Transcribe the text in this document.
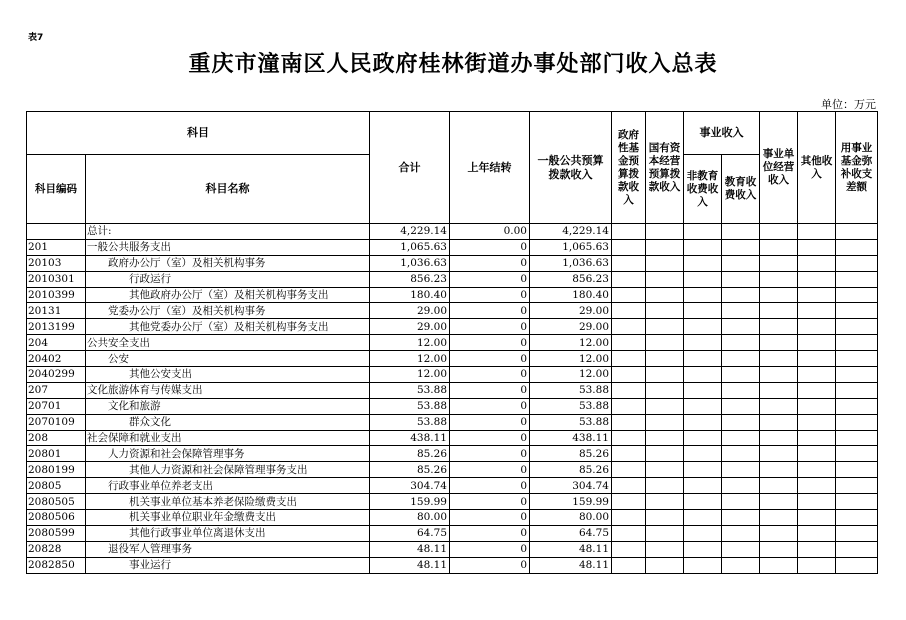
表7
重庆市潼南区人民政府桂林街道办事处部门收入总表
单位：万元
科目		合计	上年结转	一般公共预算拨款收入	政府性基金预算拨款收入	国有资本经营预算拨款收入	事业收入		事业单位经营收入	其他收入	用事业基金弥补收支差额
科目编码	科目名称						非教育收费收入	教育收费收入			
	总计:	4,229.14	0.00	4,229.14							
201	一般公共服务支出	1,065.63	0	1,065.63							
20103	政府办公厅（室）及相关机构事务	1,036.63	0	1,036.63							
2010301	行政运行	856.23	0	856.23							
2010399	其他政府办公厅（室）及相关机构事务支出	180.40	0	180.40							
20131	党委办公厅（室）及相关机构事务	29.00	0	29.00							
2013199	其他党委办公厅（室）及相关机构事务支出	29.00	0	29.00							
204	公共安全支出	12.00	0	12.00							
20402	公安	12.00	0	12.00							
2040299	其他公安支出	12.00	0	12.00							
207	文化旅游体育与传媒支出	53.88	0	53.88							
20701	文化和旅游	53.88	0	53.88							
2070109	群众文化	53.88	0	53.88							
208	社会保障和就业支出	438.11	0	438.11							
20801	人力资源和社会保障管理事务	85.26	0	85.26							
2080199	其他人力资源和社会保障管理事务支出	85.26	0	85.26							
20805	行政事业单位养老支出	304.74	0	304.74							
2080505	机关事业单位基本养老保险缴费支出	159.99	0	159.99							
2080506	机关事业单位职业年金缴费支出	80.00	0	80.00							
2080599	其他行政事业单位离退休支出	64.75	0	64.75							
20828	退役军人管理事务	48.11	0	48.11							
2082850	事业运行	48.11	0	48.11							
